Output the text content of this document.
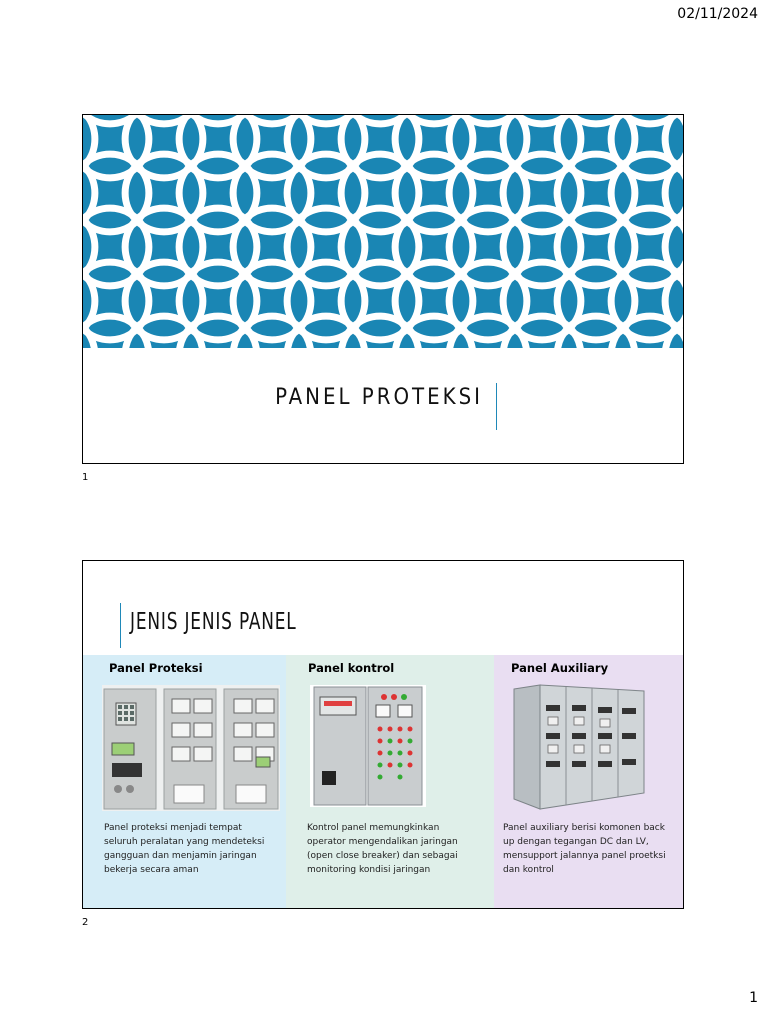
02/11/2024
PANEL PROTEKSI
1
JENIS JENIS PANEL
Panel Proteksi
Panel proteksi menjadi tempat
seluruh peralatan yang mendeteksi
gangguan dan menjamin jaringan
bekerja secara aman
Panel kontrol
Kontrol panel memungkinkan
operator mengendalikan jaringan
(open close breaker) dan sebagai
monitoring kondisi jaringan
Panel Auxiliary
Panel auxiliary berisi komonen back
up dengan tegangan DC dan LV,
mensupport jalannya panel proetksi
dan kontrol
2
1
